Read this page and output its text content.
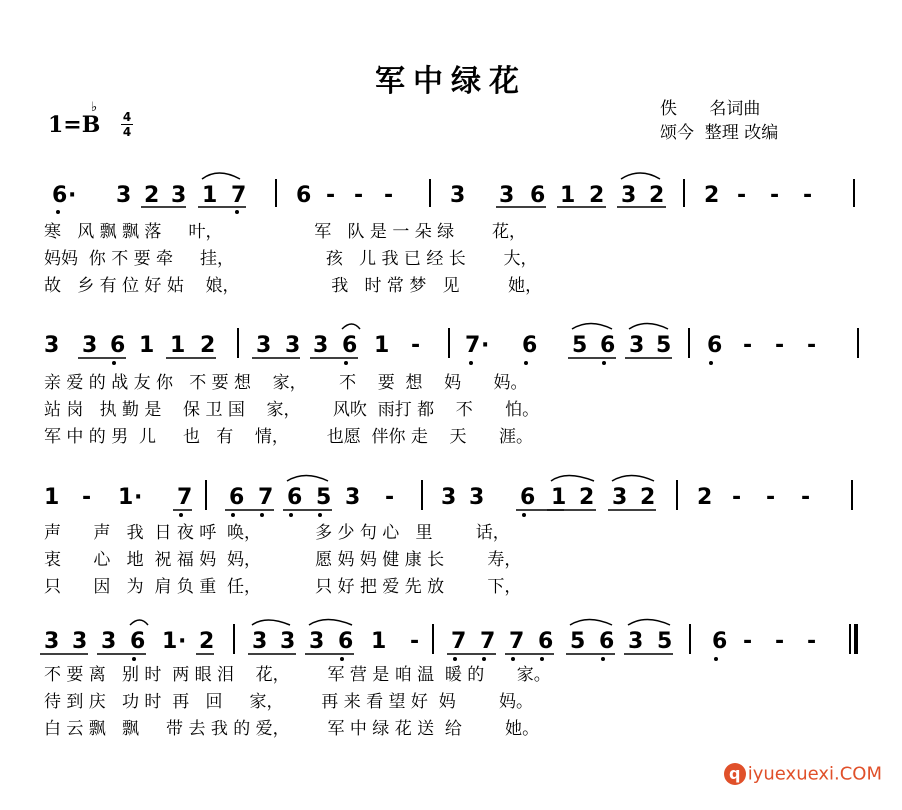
军中绿花
1=B
♭
4
4
佚      名词曲
颂今  整理 改编
6 · 3 2 3 1 7 6 - - -	3 3 6 1 2 3 2 2 - - -
寒   风 飘 飘 落     叶，                 军   队 是 一 朵 绿       花，
妈妈  你 不 要 牵     挂，                 孩   儿 我 已 经 长       大，
故   乡 有 位 好 姑    娘，                 我   时 常 梦   见         她，
3 3 6 1 1 2 3 3 3 6 1 - 7 · 6 5 6 3 5 6 - - -
亲 爱 的 战 友 你   不 要 想    家，      不    要  想    妈      妈。
站 岗   执 勤 是    保 卫 国    家，      风吹  雨打 都    不      怕。
军 中 的 男  儿     也   有    情，       也愿  伴你 走    天      涯。
1 - 1 · 7 6 7 6 5 3 - 3 3 6 1 2 3 2 2 - - -
声      声   我  日 夜 呼  唤，          多 少 句 心   里        话，
衷      心   地  祝 福 妈  妈，          愿 妈 妈 健 康 长        寿，
只      因   为  肩 负 重  任，          只 好 把 爱 先 放        下，
3 3 3 6 1 · 2 3 3 3 6 1 - 7 7 7 6 5 6 3 5 6 - - -
不 要 离   别 时  两 眼 泪    花，       军 营 是 咱 温  暖 的      家。
待 到 庆   功 时  再   回     家，       再 来 看 望 好  妈        妈。
白 云 飘   飘     带 去 我 的 爱，       军 中 绿 花 送  给        她。
q iyuexuexi.COM
